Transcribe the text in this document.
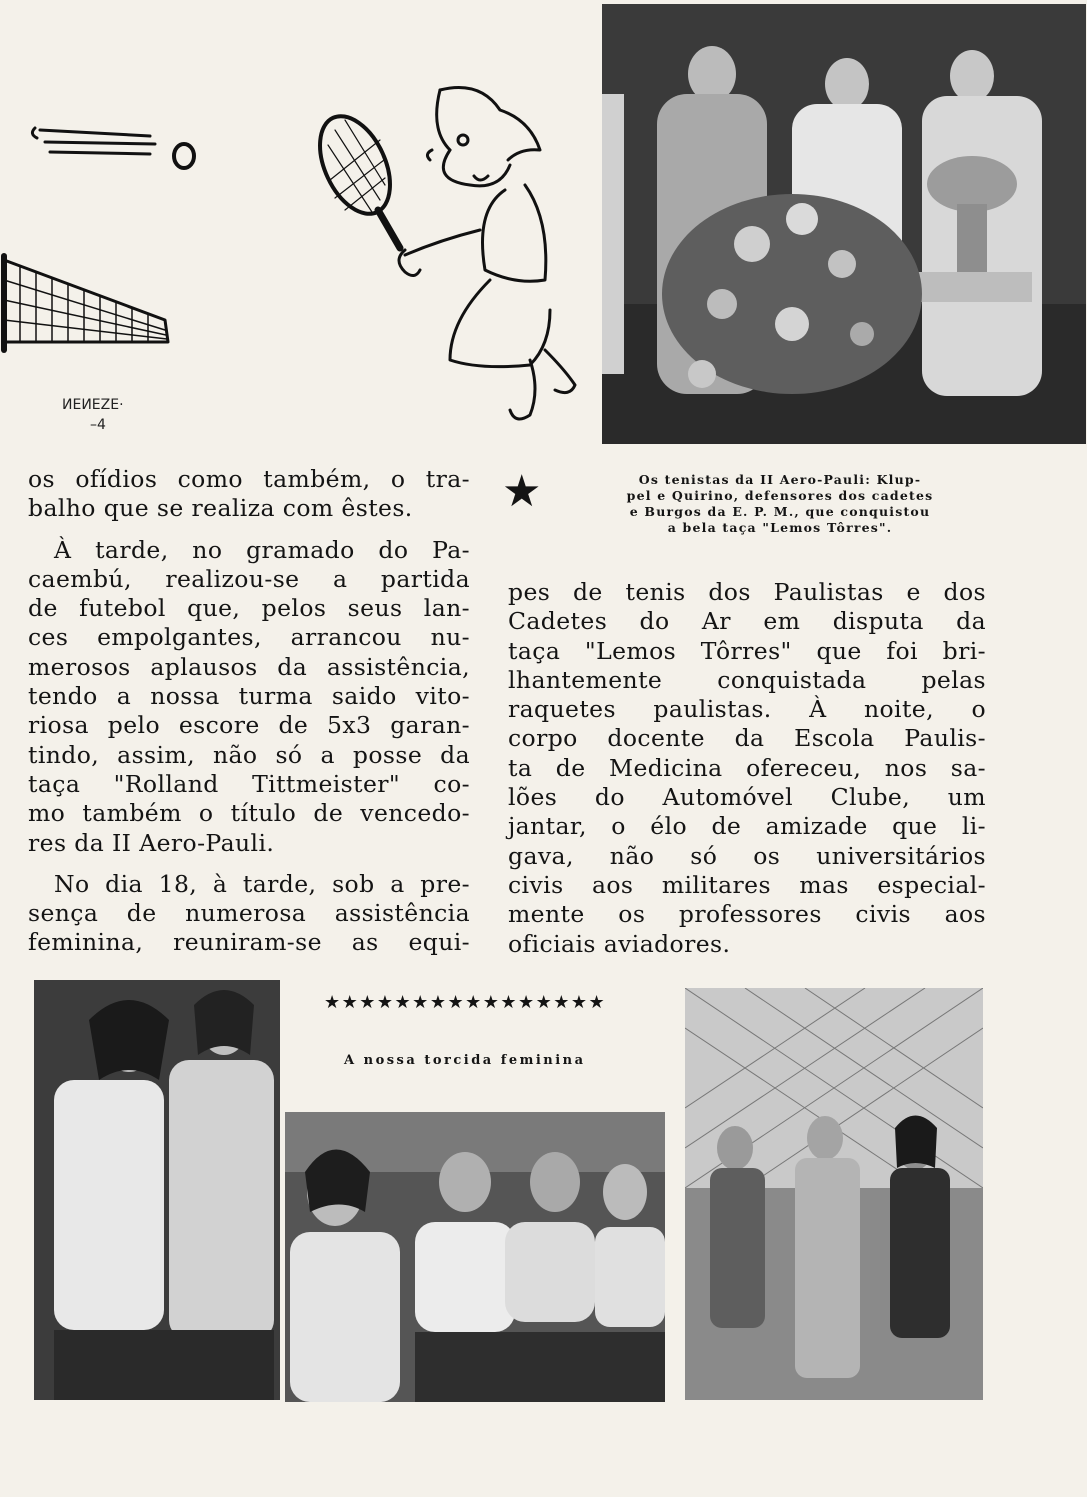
ИEИEZE·
–4
★	Os tenistas da II Aero-Pauli: Klup-
pel e Quirino, defensores dos cadetes
e Burgos da E. P. M., que conquistou
a bela taça "Lemos Tôrres".

os ofídios como também, o tra-
balho que se realiza com êstes.

À tarde, no gramado do Pa-
caembú, realizou-se a partida
de futebol que, pelos seus lan-
ces empolgantes, arrancou nu-
merosos aplausos da assistência,
tendo a nossa turma saido vito-
riosa pelo escore de 5x3 garan-
tindo, assim, não só a posse da
taça "Rolland Tittmeister" co-
mo também o título de vencedo-
res da II Aero-Pauli.

No dia 18, à tarde, sob a pre-
sença de numerosa assistência
feminina, reuniram-se as equi-

pes de tenis dos Paulistas e dos
Cadetes do Ar em disputa da
taça "Lemos Tôrres" que foi bri-
lhantemente conquistada pelas
raquetes paulistas. À noite, o
corpo docente da Escola Paulis-
ta de Medicina ofereceu, nos sa-
lões do Automóvel Clube, um
jantar, o élo de amizade que li-
gava, não só os universitários
civis aos militares mas especial-
mente os professores civis aos
oficiais aviadores.
★★★★★★★★★★★★★★★★
A nossa torcida feminina
